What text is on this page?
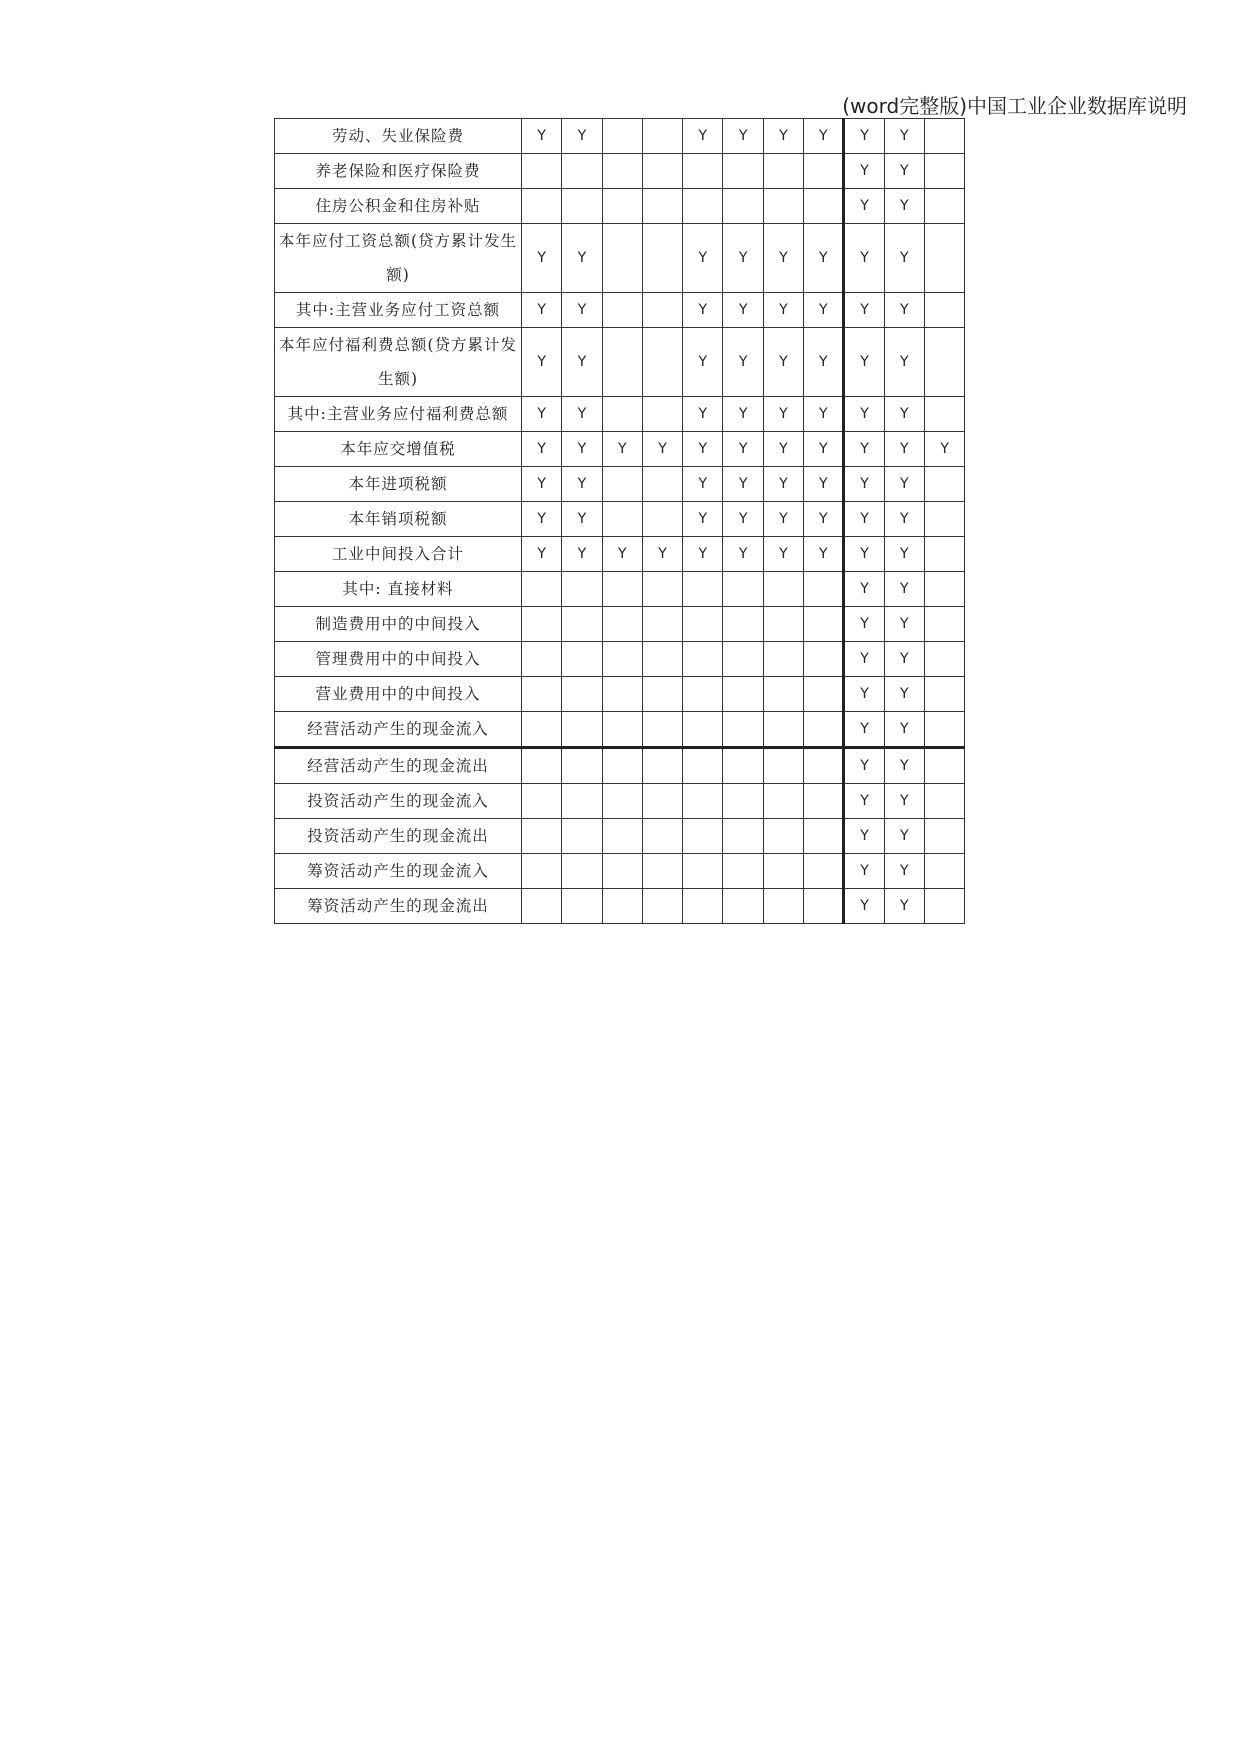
(word完整版)中国工业企业数据库说明
劳动、失业保险费	Y	Y			Y	Y	Y	Y	Y	Y	
养老保险和医疗保险费									Y	Y	
住房公积金和住房补贴									Y	Y	
本年应付工资总额(贷方累计发生额)	Y	Y			Y	Y	Y	Y	Y	Y	
其中:主营业务应付工资总额	Y	Y			Y	Y	Y	Y	Y	Y	
本年应付福利费总额(贷方累计发生额)	Y	Y			Y	Y	Y	Y	Y	Y	
其中:主营业务应付福利费总额	Y	Y			Y	Y	Y	Y	Y	Y	
本年应交增值税	Y	Y	Y	Y	Y	Y	Y	Y	Y	Y	Y
本年进项税额	Y	Y			Y	Y	Y	Y	Y	Y	
本年销项税额	Y	Y			Y	Y	Y	Y	Y	Y	
工业中间投入合计	Y	Y	Y	Y	Y	Y	Y	Y	Y	Y	
其中: 直接材料									Y	Y	
制造费用中的中间投入									Y	Y	
管理费用中的中间投入									Y	Y	
营业费用中的中间投入									Y	Y	
经营活动产生的现金流入									Y	Y	
经营活动产生的现金流出									Y	Y	
投资活动产生的现金流入									Y	Y	
投资活动产生的现金流出									Y	Y	
筹资活动产生的现金流入									Y	Y	
筹资活动产生的现金流出									Y	Y	
